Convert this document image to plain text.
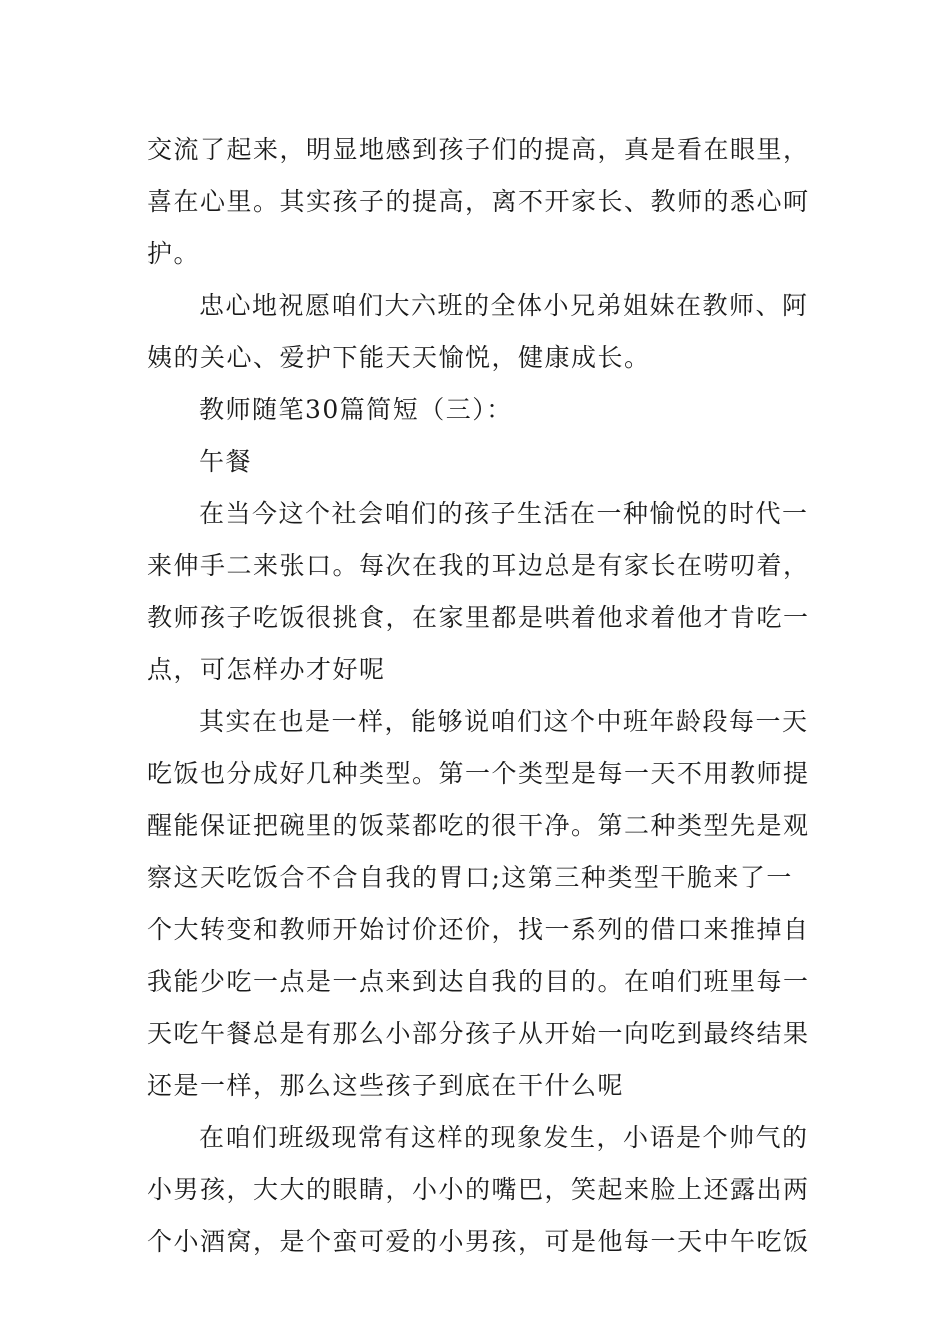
交流了起来，明显地感到孩子们的提高，真是看在眼里，喜在心里。其实孩子的提高，离不开家长、教师的悉心呵护。

忠心地祝愿咱们大六班的全体小兄弟姐妹在教师、阿姨的关心、爱护下能天天愉悦，健康成长。

教师随笔30篇简短（三）：

午餐

在当今这个社会咱们的孩子生活在一种愉悦的时代一来伸手二来张口。每次在我的耳边总是有家长在唠叨着，教师孩子吃饭很挑食，在家里都是哄着他求着他才肯吃一点，可怎样办才好呢

其实在也是一样，能够说咱们这个中班年龄段每一天吃饭也分成好几种类型。第一个类型是每一天不用教师提醒能保证把碗里的饭菜都吃的很干净。第二种类型先是观察这天吃饭合不合自我的胃口;这第三种类型干脆来了一个大转变和教师开始讨价还价，找一系列的借口来推掉自我能少吃一点是一点来到达自我的目的。在咱们班里每一天吃午餐总是有那么小部分孩子从开始一向吃到最终结果还是一样，那么这些孩子到底在干什么呢

在咱们班级现常有这样的现象发生，小语是个帅气的小男孩，大大的眼睛，小小的嘴巴，笑起来脸上还露出两个小酒窝，是个蛮可爱的小男孩，可是他每一天中午吃饭
